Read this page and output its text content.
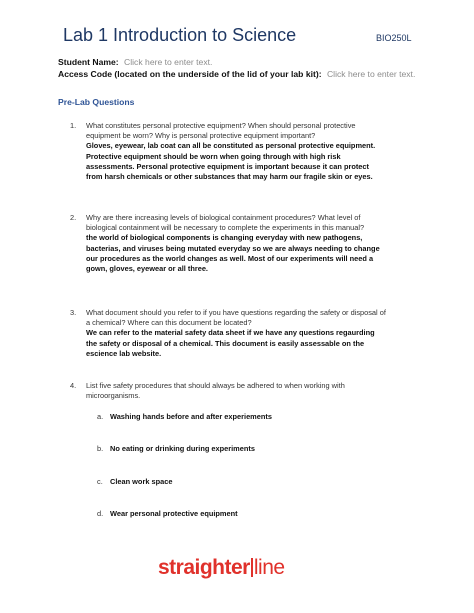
Lab 1 Introduction to Science	BIO250L
Student Name: Click here to enter text.
Access Code (located on the underside of the lid of your lab kit): Click here to enter text.
Pre-Lab Questions
1. What constitutes personal protective equipment? When should personal protective equipment be worn? Why is personal protective equipment important?
Gloves, eyewear, lab coat can all be constituted as personal protective equipment. Protective equipment should be worn when going through with high risk assessments. Personal protective equipment is important because it can protect from harsh chemicals or other substances that may harm our fragile skin or eyes.
2. Why are there increasing levels of biological containment procedures? What level of biological containment will be necessary to complete the experiments in this manual?
the world of biological components is changing everyday with new pathogens, bacterias, and viruses being mutated everyday so we are always needing to change our procedures as the world changes as well. Most of our experiments will need a gown, gloves, eyewear or all three.
3. What document should you refer to if you have questions regarding the safety or disposal of a chemical? Where can this document be located?
We can refer to the material safety data sheet if we have any questions regaurding the safety or disposal of a chemical. This document is easily assessable on the escience lab website.
4. List five safety procedures that should always be adhered to when working with microorganisms.
a. Washing hands before and after experiements
b. No eating or drinking during experiments
c. Clean work space
d. Wear personal protective equipment
straighter line
